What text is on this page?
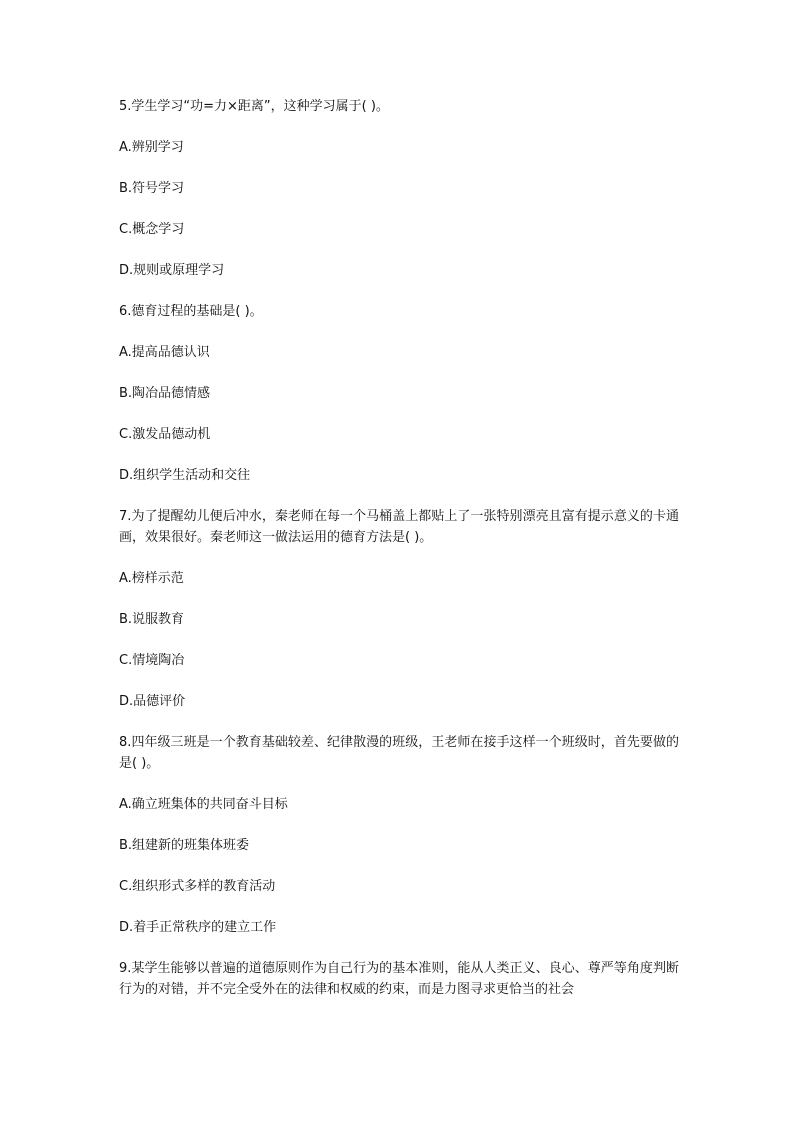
5.学生学习“功=力×距离”，这种学习属于( )。

A.辨别学习

B.符号学习

C.概念学习

D.规则或原理学习

6.德育过程的基础是( )。

A.提高品德认识

B.陶冶品德情感

C.激发品德动机

D.组织学生活动和交往

7.为了提醒幼儿便后冲水，秦老师在每一个马桶盖上都贴上了一张特别漂亮且富有提示意义的卡通画，效果很好。秦老师这一做法运用的德育方法是( )。

A.榜样示范

B.说服教育

C.情境陶冶

D.品德评价

8.四年级三班是一个教育基础较差、纪律散漫的班级，王老师在接手这样一个班级时，首先要做的是( )。

A.确立班集体的共同奋斗目标

B.组建新的班集体班委

C.组织形式多样的教育活动

D.着手正常秩序的建立工作

9.某学生能够以普遍的道德原则作为自己行为的基本准则，能从人类正义、良心、尊严等角度判断行为的对错，并不完全受外在的法律和权威的约束，而是力图寻求更恰当的社会
